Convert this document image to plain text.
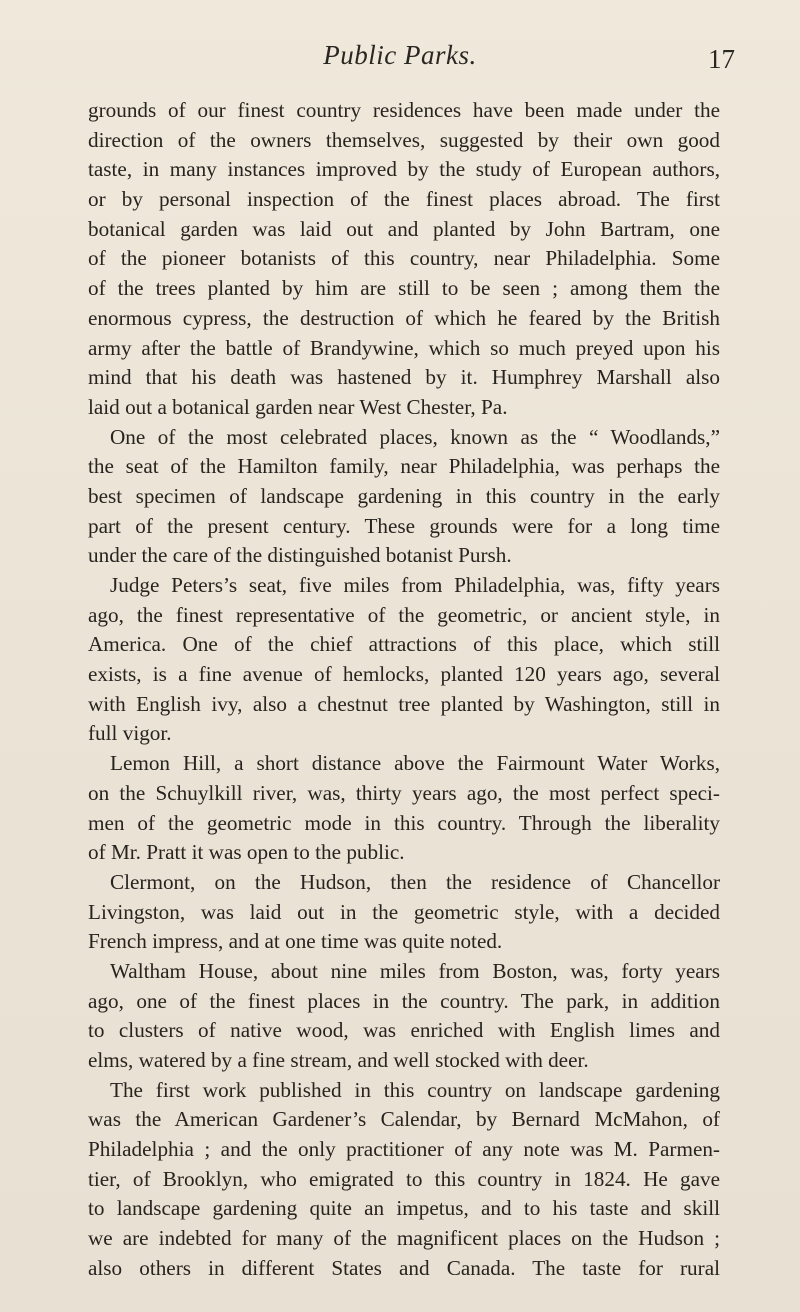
Public Parks.	17
grounds of our finest country residences have been made under the
direction of the owners themselves, suggested by their own good
taste, in many instances improved by the study of European authors,
or by personal inspection of the finest places abroad. The first
botanical garden was laid out and planted by John Bartram, one
of the pioneer botanists of this country, near Philadelphia. Some
of the trees planted by him are still to be seen ; among them the
enormous cypress, the destruction of which he feared by the British
army after the battle of Brandywine, which so much preyed upon his
mind that his death was hastened by it. Humphrey Marshall also
laid out a botanical garden near West Chester, Pa.
One of the most celebrated places, known as the “ Woodlands,”
the seat of the Hamilton family, near Philadelphia, was perhaps the
best specimen of landscape gardening in this country in the early
part of the present century. These grounds were for a long time
under the care of the distinguished botanist Pursh.
Judge Peters’s seat, five miles from Philadelphia, was, fifty years
ago, the finest representative of the geometric, or ancient style, in
America. One of the chief attractions of this place, which still
exists, is a fine avenue of hemlocks, planted 120 years ago, several
with English ivy, also a chestnut tree planted by Washington, still in
full vigor.
Lemon Hill, a short distance above the Fairmount Water Works,
on the Schuylkill river, was, thirty years ago, the most perfect speci-
men of the geometric mode in this country. Through the liberality
of Mr. Pratt it was open to the public.
Clermont, on the Hudson, then the residence of Chancellor
Livingston, was laid out in the geometric style, with a decided
French impress, and at one time was quite noted.
Waltham House, about nine miles from Boston, was, forty years
ago, one of the finest places in the country. The park, in addition
to clusters of native wood, was enriched with English limes and
elms, watered by a fine stream, and well stocked with deer.
The first work published in this country on landscape gardening
was the American Gardener’s Calendar, by Bernard McMahon, of
Philadelphia ; and the only practitioner of any note was M. Parmen-
tier, of Brooklyn, who emigrated to this country in 1824. He gave
to landscape gardening quite an impetus, and to his taste and skill
we are indebted for many of the magnificent places on the Hudson ;
also others in different States and Canada. The taste for rural
